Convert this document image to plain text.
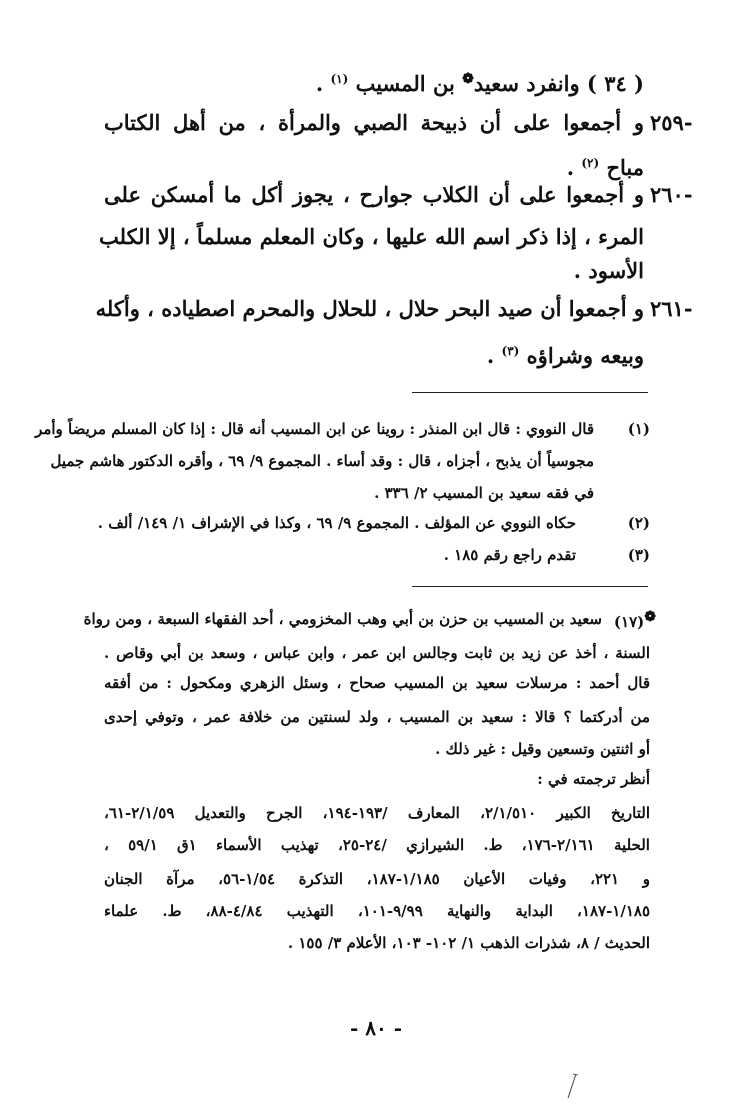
( ٣٤ ) وانفرد سعيد❁ بن المسيب $^{(١)}$ .
٢٥٩-
و أجمعوا على أن ذبيحة الصبي والمرأة ، من أهل الكتاب
مباح $^{(٢)}$ .
٢٦٠-
و أجمعوا على أن الكلاب جوارح ، يجوز أكل ما أمسكن على
المرء ، إذا ذكر اسم الله عليها ، وكان المعلم مسلماً ، إلا الكلب
الأسود .
٢٦١-
و أجمعوا أن صيد البحر حلال ، للحلال والمحرم اصطياده ، وأكله
وبيعه وشراؤه $^{(٣)}$ .
(١)
قال النووي : قال ابن المنذر : روينا عن ابن المسيب أنه قال : إذا كان المسلم مريضاً وأمر
مجوسياً أن يذبح ، أجزاه ، قال : وقد أساء . المجموع ٩/ ٦٩ ، وأقره الدكتور هاشم جميل
في فقه سعيد بن المسيب ٢/ ٣٣٦ .
(٢)
حكاه النووي عن المؤلف . المجموع ٩/ ٦٩ ، وكذا في الإشراف ١/ ١٤٩/ ألف .
(٣)
تقدم راجع رقم ١٨٥ .
❁(١٧)
سعيد بن المسيب بن حزن بن أبي وهب المخزومي ، أحد الفقهاء السبعة ، ومن رواة
السنة ، أخذ عن زيد بن ثابت وجالس ابن عمر ، وابن عباس ، وسعد بن أبي وقاص .
قال أحمد : مرسلات سعيد بن المسيب صحاح ، وسئل الزهري ومكحول : من أفقه
من أدركتما ؟ قالا : سعيد بن المسيب ، ولد لسنتين من خلافة عمر ، وتوفي إحدى
أو اثنتين وتسعين وقيل : غير ذلك .
أنظر ترجمته في :
التاريخ الكبير ٢/١/٥١٠، المعارف /١٩٣-١٩٤، الجرح والتعديل ٢/١/٥٩-٦١،
الحلية ٢/١٦١-١٧٦، ط. الشيرازي /٢٤-٢٥، تهذيب الأسماء ١ق ٥٩/١ ،
و ٢٢١، وفيات الأعيان ١/١٨٥-١٨٧، التذكرة ١/٥٤-٥٦، مرآة الجنان
١/١٨٥-١٨٧، البداية والنهاية ٩/٩٩-١٠١، التهذيب ٤/٨٤-٨٨، ط. علماء
الحديث / ٨، شذرات الذهب ١/ ١٠٢- ١٠٣، الأعلام ٣/ ١٥٥ .
- ٨٠ -
